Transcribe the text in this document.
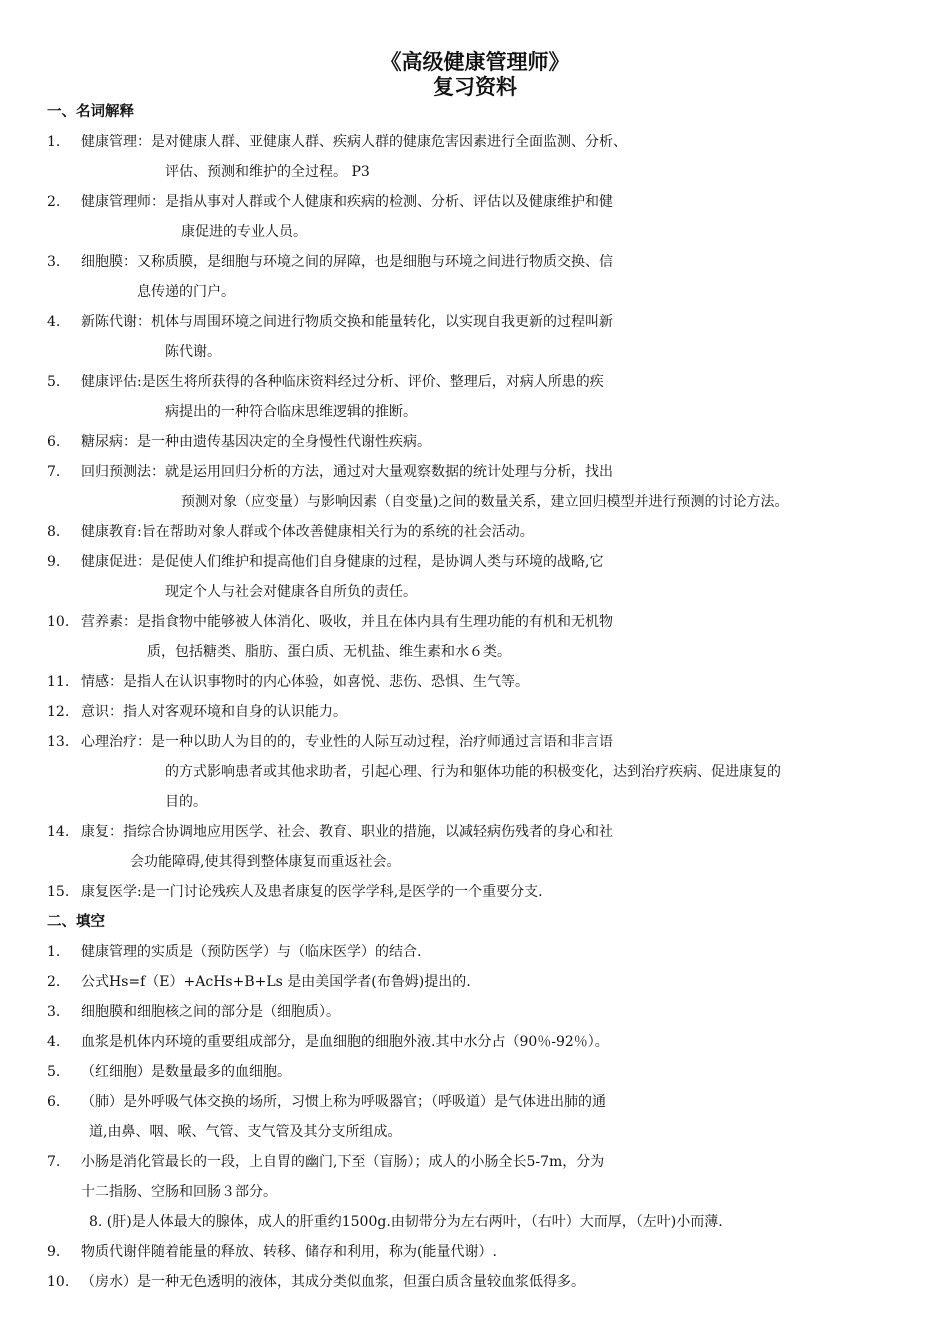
《高级健康管理师》
复习资料
一、名词解释
1. 健康管理：是对健康人群、亚健康人群、疾病人群的健康危害因素进行全面监测、分析、
评估、预测和维护的全过程。 P3
2. 健康管理师：是指从事对人群或个人健康和疾病的检测、分析、评估以及健康维护和健
康促进的专业人员。
3. 细胞膜：又称质膜，是细胞与环境之间的屏障，也是细胞与环境之间进行物质交换、信
息传递的门户。
4. 新陈代谢：机体与周围环境之间进行物质交换和能量转化，以实现自我更新的过程叫新
陈代谢。
5. 健康评估:是医生将所获得的各种临床资料经过分析、评价、整理后，对病人所患的疾
病提出的一种符合临床思维逻辑的推断。
6. 糖尿病：是一种由遗传基因决定的全身慢性代谢性疾病。
7. 回归预测法：就是运用回归分析的方法，通过对大量观察数据的统计处理与分析，找出
预测对象（应变量）与影响因素（自变量)之间的数量关系，建立回归模型并进行预测的讨论方法。
8. 健康教育:旨在帮助对象人群或个体改善健康相关行为的系统的社会活动。
9. 健康促进：是促使人们维护和提高他们自身健康的过程，是协调人类与环境的战略,它
现定个人与社会对健康各自所负的责任。
10. 营养素：是指食物中能够被人体消化、吸收，并且在体内具有生理功能的有机和无机物
质，包括糖类、脂肪、蛋白质、无机盐、维生素和水６类。
11. 情感：是指人在认识事物时的内心体验，如喜悦、悲伤、恐惧、生气等。
12. 意识：指人对客观环境和自身的认识能力。
13. 心理治疗：是一种以助人为目的的，专业性的人际互动过程，治疗师通过言语和非言语
的方式影响患者或其他求助者，引起心理、行为和躯体功能的积极变化，达到治疗疾病、促进康复的
目的。
14. 康复：指综合协调地应用医学、社会、教育、职业的措施，以减轻病伤残者的身心和社
会功能障碍,使其得到整体康复而重返社会。
15. 康复医学:是一门讨论残疾人及患者康复的医学学科,是医学的一个重要分支.
二、填空
1. 健康管理的实质是（预防医学）与（临床医学）的结合.
2. 公式Hs=f（E）+AcHs+B+Ls 是由美国学者(布鲁姆)提出的.
3. 细胞膜和细胞核之间的部分是（细胞质）。
4. 血浆是机体内环境的重要组成部分，是血细胞的细胞外液.其中水分占（90％-92％）。
5. （红细胞）是数量最多的血细胞。
6. （肺）是外呼吸气体交换的场所，习惯上称为呼吸器官；（呼吸道）是气体进出肺的通
道,由鼻、咽、喉、气管、支气管及其分支所组成。
7. 小肠是消化管最长的一段，上自胃的幽门,下至（盲肠）；成人的小肠全长5-7m，分为
十二指肠、空肠和回肠３部分。
8. (肝)是人体最大的腺体，成人的肝重约1500g.由韧带分为左右两叶，（右叶）大而厚，（左叶)小而薄.
9. 物质代谢伴随着能量的释放、转移、储存和利用，称为(能量代谢）.
10. （房水）是一种无色透明的液体，其成分类似血浆，但蛋白质含量较血浆低得多。
